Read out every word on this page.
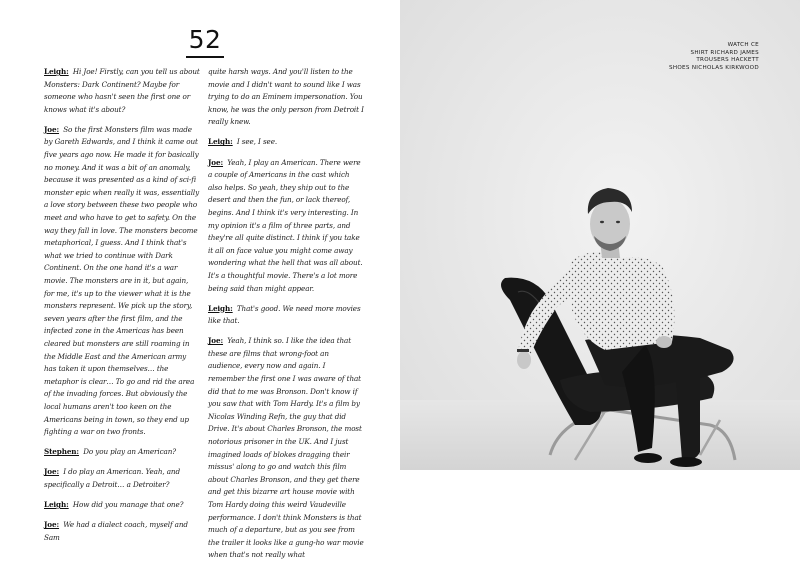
52
Leigh: Hi Joe! Firstly, can you tell us about Monsters: Dark Continent? Maybe for someone who hasn't seen the first one or knows what it's about?
Joe: So the first Monsters film was made by Gareth Edwards, and I think it came out five years ago now. He made it for basically no money. And it was a bit of an anomaly, because it was presented as a kind of sci-fi monster epic when really it was, essentially a love story between these two people who meet and who have to get to safety. On the way they fall in love. The monsters become metaphorical, I guess. And I think that's what we tried to continue with Dark Continent. On the one hand it's a war movie. The monsters are in it, but again, for me, it's up to the viewer what it is the monsters represent. We pick up the story, seven years after the first film, and the infected zone in the Americas has been cleared but monsters are still roaming in the Middle East and the American army has taken it upon themselves… the metaphor is clear… To go and rid the area of the invading forces. But obviously the local humans aren't too keen on the Americans being in town, so they end up fighting a war on two fronts.
Stephen: Do you play an American?
Joe: I do play an American. Yeah, and specifically a Detroit… a Detroiter?
Leigh: How did you manage that one?
Joe: We had a dialect coach, myself and Sam
quite harsh ways. And you'll listen to the movie and I didn't want to sound like I was trying to do an Eminem impersonation. You know, he was the only person from Detroit I really knew.
Leigh: I see, I see.
Joe: Yeah, I play an American. There were a couple of Americans in the cast which also helps. So yeah, they ship out to the desert and then the fun, or lack thereof, begins. And I think it's very interesting. In my opinion it's a film of three parts, and they're all quite distinct. I think if you take it all on face value you might come away wondering what the hell that was all about. It's a thoughtful movie. There's a lot more being said than might appear.
Leigh: That's good. We need more movies like that.
Joe: Yeah, I think so. I like the idea that these are films that wrong-foot an audience, every now and again. I remember the first one I was aware of that did that to me was Bronson. Don't know if you saw that with Tom Hardy. It's a film by Nicolas Winding Refn, the guy that did Drive. It's about Charles Bronson, the most notorious prisoner in the UK. And I just imagined loads of blokes dragging their missus' along to go and watch this film about Charles Bronson, and they get there and get this bizarre art house movie with Tom Hardy doing this weird Vaudeville performance. I don't think Monsters is that much of a departure, but as you see from the trailer it looks like a gung-ho war movie when that's not really what
WATCH CE
SHIRT RICHARD JAMES
TROUSERS HACKETT
SHOES NICHOLAS KIRKWOOD
